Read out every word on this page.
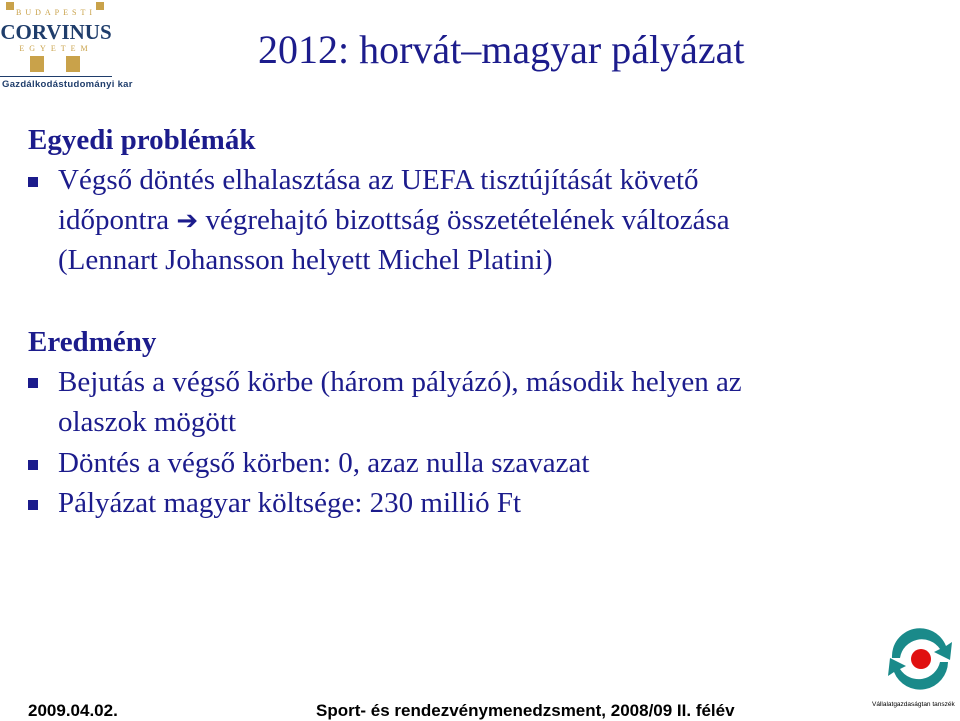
BUDAPESTI
CORVINUS
EGYETEM
Gazdálkodástudományi kar
2012: horvát–magyar pályázat
Egyedi problémák
Végső döntés elhalasztása az UEFA tisztújítását követő
időpontra ➔ végrehajtó bizottság összetételének változása
(Lennart Johansson helyett Michel Platini)
Eredmény
Bejutás a végső körbe (három pályázó), második helyen az
olaszok mögött
Döntés a végső körben: 0, azaz nulla szavazat
Pályázat magyar költsége: 230 millió Ft
Vállalatgazdaságtan tanszék
2009.04.02.	Sport- és rendezvénymenedzsment, 2008/09 II. félév
